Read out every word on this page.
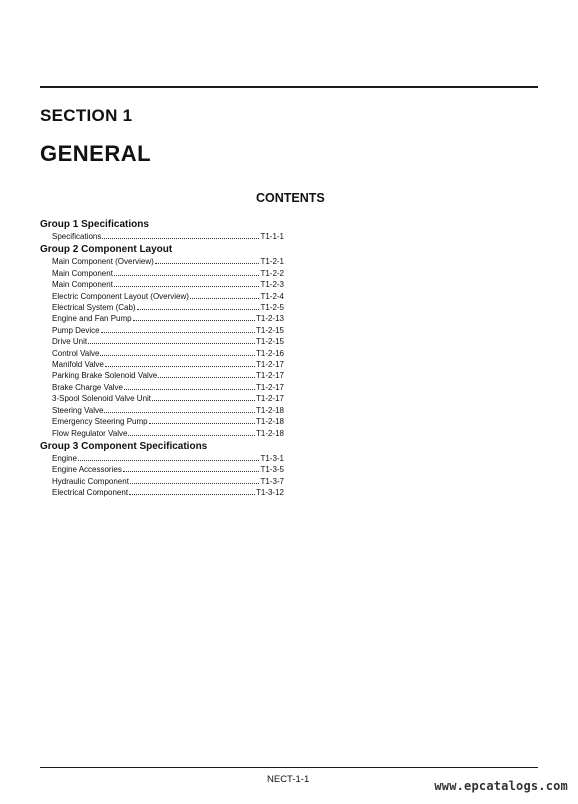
SECTION 1
GENERAL
CONTENTS
Group 1 Specifications
Specifications	T1-1-1
Group 2 Component Layout
Main Component (Overview)	T1-2-1
Main Component	T1-2-2
Main Component	T1-2-3
Electric Component Layout (Overview)	T1-2-4
Electrical System (Cab)	T1-2-5
Engine and Fan Pump	T1-2-13
Pump Device	T1-2-15
Drive Unit	T1-2-15
Control Valve	T1-2-16
Manifold Valve	T1-2-17
Parking Brake Solenoid Valve	T1-2-17
Brake Charge Valve	T1-2-17
3-Spool Solenoid Valve Unit	T1-2-17
Steering Valve	T1-2-18
Emergency Steering Pump	T1-2-18
Flow Regulator Valve	T1-2-18
Group 3 Component Specifications
Engine	T1-3-1
Engine Accessories	T1-3-5
Hydraulic Component	T1-3-7
Electrical Component	T1-3-12
NECT-1-1	www.epcatalogs.com
